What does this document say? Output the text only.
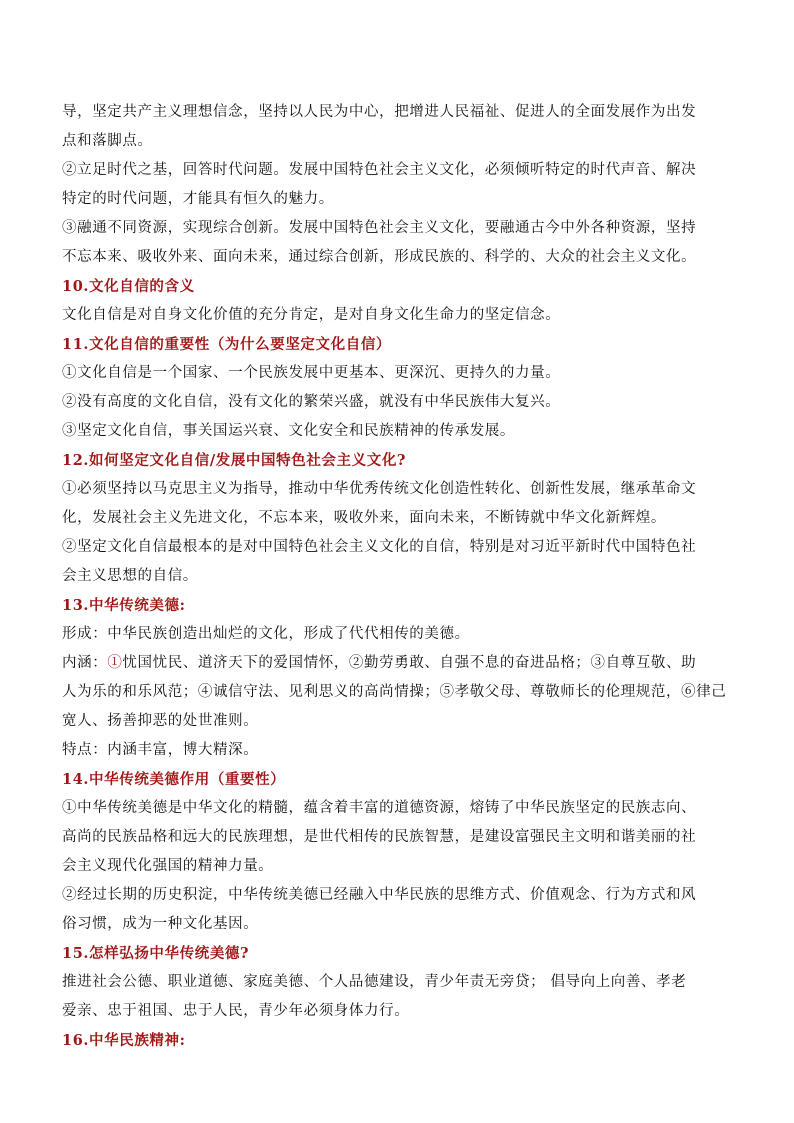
导，坚定共产主义理想信念，坚持以人民为中心，把增进人民福祉、促进人的全面发展作为出发
点和落脚点。
②立足时代之基，回答时代问题。发展中国特色社会主义文化，必须倾听特定的时代声音、解决
特定的时代问题，才能具有恒久的魅力。
③融通不同资源，实现综合创新。发展中国特色社会主义文化，要融通古今中外各种资源，坚持
不忘本来、吸收外来、面向未来，通过综合创新，形成民族的、科学的、大众的社会主义文化。
10.文化自信的含义
文化自信是对自身文化价值的充分肯定，是对自身文化生命力的坚定信念。
11.文化自信的重要性（为什么要坚定文化自信）
①文化自信是一个国家、一个民族发展中更基本、更深沉、更持久的力量。
②没有高度的文化自信，没有文化的繁荣兴盛，就没有中华民族伟大复兴。
③坚定文化自信，事关国运兴衰、文化安全和民族精神的传承发展。
12.如何坚定文化自信/发展中国特色社会主义文化?
①必须坚持以马克思主义为指导，推动中华优秀传统文化创造性转化、创新性发展，继承革命文
化，发展社会主义先进文化，不忘本来，吸收外来，面向未来，不断铸就中华文化新辉煌。
②坚定文化自信最根本的是对中国特色社会主义文化的自信，特别是对习近平新时代中国特色社
会主义思想的自信。
13.中华传统美德:
形成：中华民族创造出灿烂的文化，形成了代代相传的美德。
内涵：①忧国忧民、道济天下的爱国情怀，②勤劳勇敢、自强不息的奋进品格；③自尊互敬、助
人为乐的和乐风范；④诚信守法、见利思义的高尚情操；⑤孝敬父母、尊敬师长的伦理规范，⑥律己
宽人、扬善抑恶的处世准则。
特点：内涵丰富，博大精深。
14.中华传统美德作用（重要性）
①中华传统美德是中华文化的精髓，蕴含着丰富的道德资源，熔铸了中华民族坚定的民族志向、
高尚的民族品格和远大的民族理想，是世代相传的民族智慧，是建设富强民主文明和谐美丽的社
会主义现代化强国的精神力量。
②经过长期的历史积淀，中华传统美德已经融入中华民族的思维方式、价值观念、行为方式和风
俗习惯，成为一种文化基因。
15.怎样弘扬中华传统美德?
推进社会公德、职业道德、家庭美德、个人品德建设，青少年责无旁贷； 倡导向上向善、孝老
爱亲、忠于祖国、忠于人民，青少年必须身体力行。
16.中华民族精神:
